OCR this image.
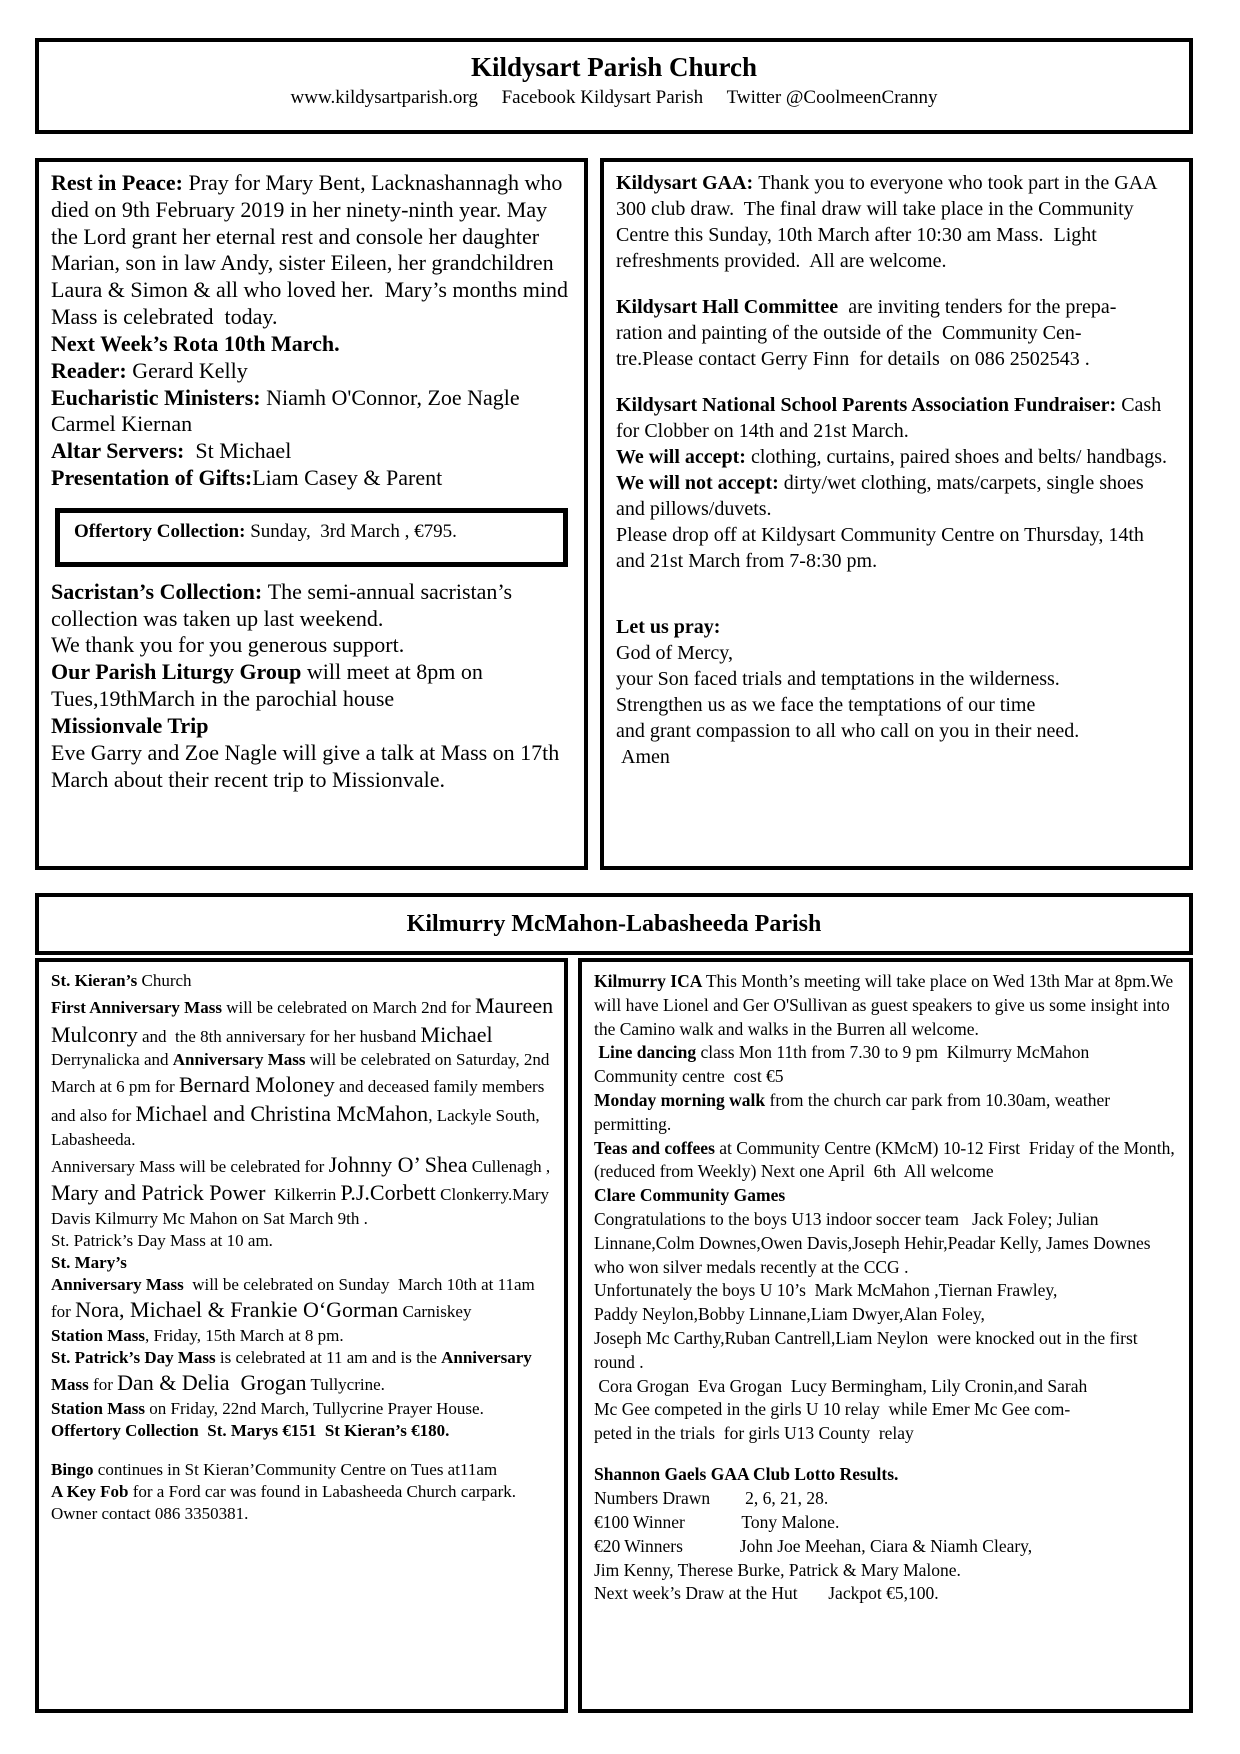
Kildysart Parish Church
www.kildysartparish.org     Facebook Kildysart Parish     Twitter @CoolmeenCranny

Rest in Peace: Pray for Mary Bent, Lacknashannagh who died on 9th February 2019 in her ninety-ninth year. May the Lord grant her eternal rest and console her daughter Marian, son in law Andy, sister Eileen, her grandchildren Laura & Simon & all who loved her.  Mary’s months mind Mass is celebrated  today.

Next Week’s Rota 10th March.

Reader: Gerard Kelly

Eucharistic Ministers: Niamh O'Connor, Zoe Nagle Carmel Kiernan

Altar Servers:  St Michael

Presentation of Gifts:Liam Casey & Parent

Offertory Collection: Sunday,  3rd March , €795.

Sacristan’s Collection: The semi-annual sacristan’s collection was taken up last weekend.

We thank you for you generous support.

Our Parish Liturgy Group will meet at 8pm on Tues,19thMarch in the parochial house

Missionvale Trip

Eve Garry and Zoe Nagle will give a talk at Mass on 17th March about their recent trip to Missionvale.

Kildysart GAA: Thank you to everyone who took part in the GAA 300 club draw.  The final draw will take place in the Community Centre this Sunday, 10th March after 10:30 am Mass.  Light refreshments provided.  All are welcome.

Kildysart Hall Committee  are inviting tenders for the prepa-
ration and painting of the outside of the  Community Cen-
tre.Please contact Gerry Finn  for details  on 086 2502543 .

Kildysart National School Parents Association Fundraiser: Cash for Clobber on 14th and 21st March.

We will accept: clothing, curtains, paired shoes and belts/ handbags.

We will not accept: dirty/wet clothing, mats/carpets, single shoes and pillows/duvets.

Please drop off at Kildysart Community Centre on Thursday, 14th and 21st March from 7-8:30 pm.

Let us pray:

God of Mercy,

your Son faced trials and temptations in the wilderness.

Strengthen us as we face the temptations of our time

and grant compassion to all who call on you in their need.

Amen

Kilmurry McMahon-Labasheeda Parish

St. Kieran’s Church

First Anniversary Mass will be celebrated on March 2nd for Maureen Mulconry and  the 8th anniversary for her husband Michael Derrynalicka and Anniversary Mass will be celebrated on Saturday, 2nd March at 6 pm for Bernard Moloney and deceased family members and also for Michael and Christina McMahon, Lackyle South, Labasheeda.

Anniversary Mass will be celebrated for Johnny O’ Shea Cullenagh , Mary and Patrick Power  Kilkerrin P.J.Corbett Clonkerry.Mary Davis Kilmurry Mc Mahon on Sat March 9th .

St. Patrick’s Day Mass at 10 am.

St. Mary’s

Anniversary Mass  will be celebrated on Sunday  March 10th at 11am for Nora, Michael & Frankie O‘Gorman Carniskey

Station Mass, Friday, 15th March at 8 pm.

St. Patrick’s Day Mass is celebrated at 11 am and is the Anniversary Mass for Dan & Delia  Grogan Tullycrine.

Station Mass on Friday, 22nd March, Tullycrine Prayer House.

Offertory Collection  St. Marys €151  St Kieran’s €180.

Bingo continues in St Kieran’Community Centre on Tues at11am

A Key Fob for a Ford car was found in Labasheeda Church carpark.  Owner contact 086 3350381.

Kilmurry ICA This Month’s meeting will take place on Wed 13th Mar at 8pm.We will have Lionel and Ger O'Sullivan as guest speakers to give us some insight into the Camino walk and walks in the Burren all welcome.

Line dancing class Mon 11th from 7.30 to 9 pm  Kilmurry McMahon Community centre  cost €5

Monday morning walk from the church car park from 10.30am, weather permitting.

Teas and coffees at Community Centre (KMcM) 10-12 First  Friday of the Month,(reduced from Weekly) Next one April  6th  All welcome

Clare Community Games

Congratulations to the boys U13 indoor soccer team   Jack Foley; Julian Linnane,Colm Downes,Owen Davis,Joseph Hehir,Peadar Kelly, James Downes who won silver medals recently at the CCG .

Unfortunately the boys U 10’s  Mark McMahon ,Tiernan Frawley,
Paddy Neylon,Bobby Linnane,Liam Dwyer,Alan Foley,
Joseph Mc Carthy,Ruban Cantrell,Liam Neylon  were knocked out in the first round .

Cora Grogan  Eva Grogan  Lucy Bermingham, Lily Cronin,and Sarah
Mc Gee competed in the girls U 10 relay  while Emer Mc Gee com-
peted in the trials  for girls U13 County  relay

Shannon Gaels GAA Club Lotto Results.

Numbers Drawn        2, 6, 21, 28.

€100 Winner             Tony Malone.

€20 Winners             John Joe Meehan, Ciara & Niamh Cleary,

Jim Kenny, Therese Burke, Patrick & Mary Malone.

Next week’s Draw at the Hut       Jackpot €5,100.
